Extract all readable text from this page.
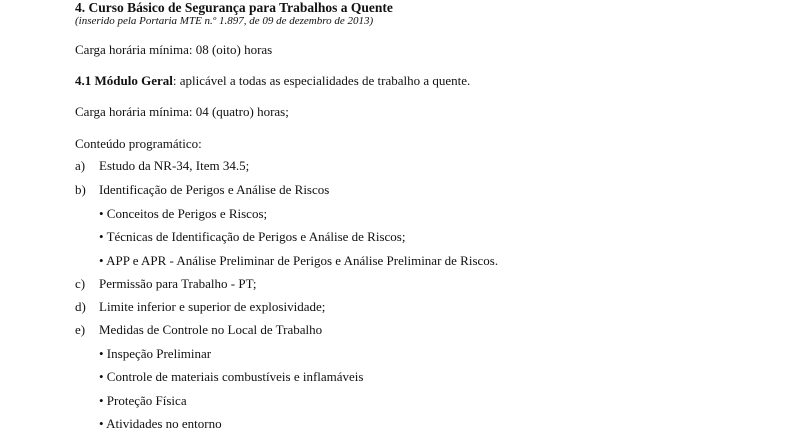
4. Curso Básico de Segurança para Trabalhos a Quente
(inserido pela Portaria MTE n.º 1.897, de 09 de dezembro de 2013)
Carga horária mínima: 08 (oito) horas
4.1 Módulo Geral: aplicável a todas as especialidades de trabalho a quente.
Carga horária mínima: 04 (quatro) horas;
Conteúdo programático:
a) Estudo da NR-34, Item 34.5;
b) Identificação de Perigos e Análise de Riscos
• Conceitos de Perigos e Riscos;
• Técnicas de Identificação de Perigos e Análise de Riscos;
• APP e APR - Análise Preliminar de Perigos e Análise Preliminar de Riscos.
c) Permissão para Trabalho - PT;
d) Limite inferior e superior de explosividade;
e) Medidas de Controle no Local de Trabalho
• Inspeção Preliminar
• Controle de materiais combustíveis e inflamáveis
• Proteção Física
• Atividades no entorno
